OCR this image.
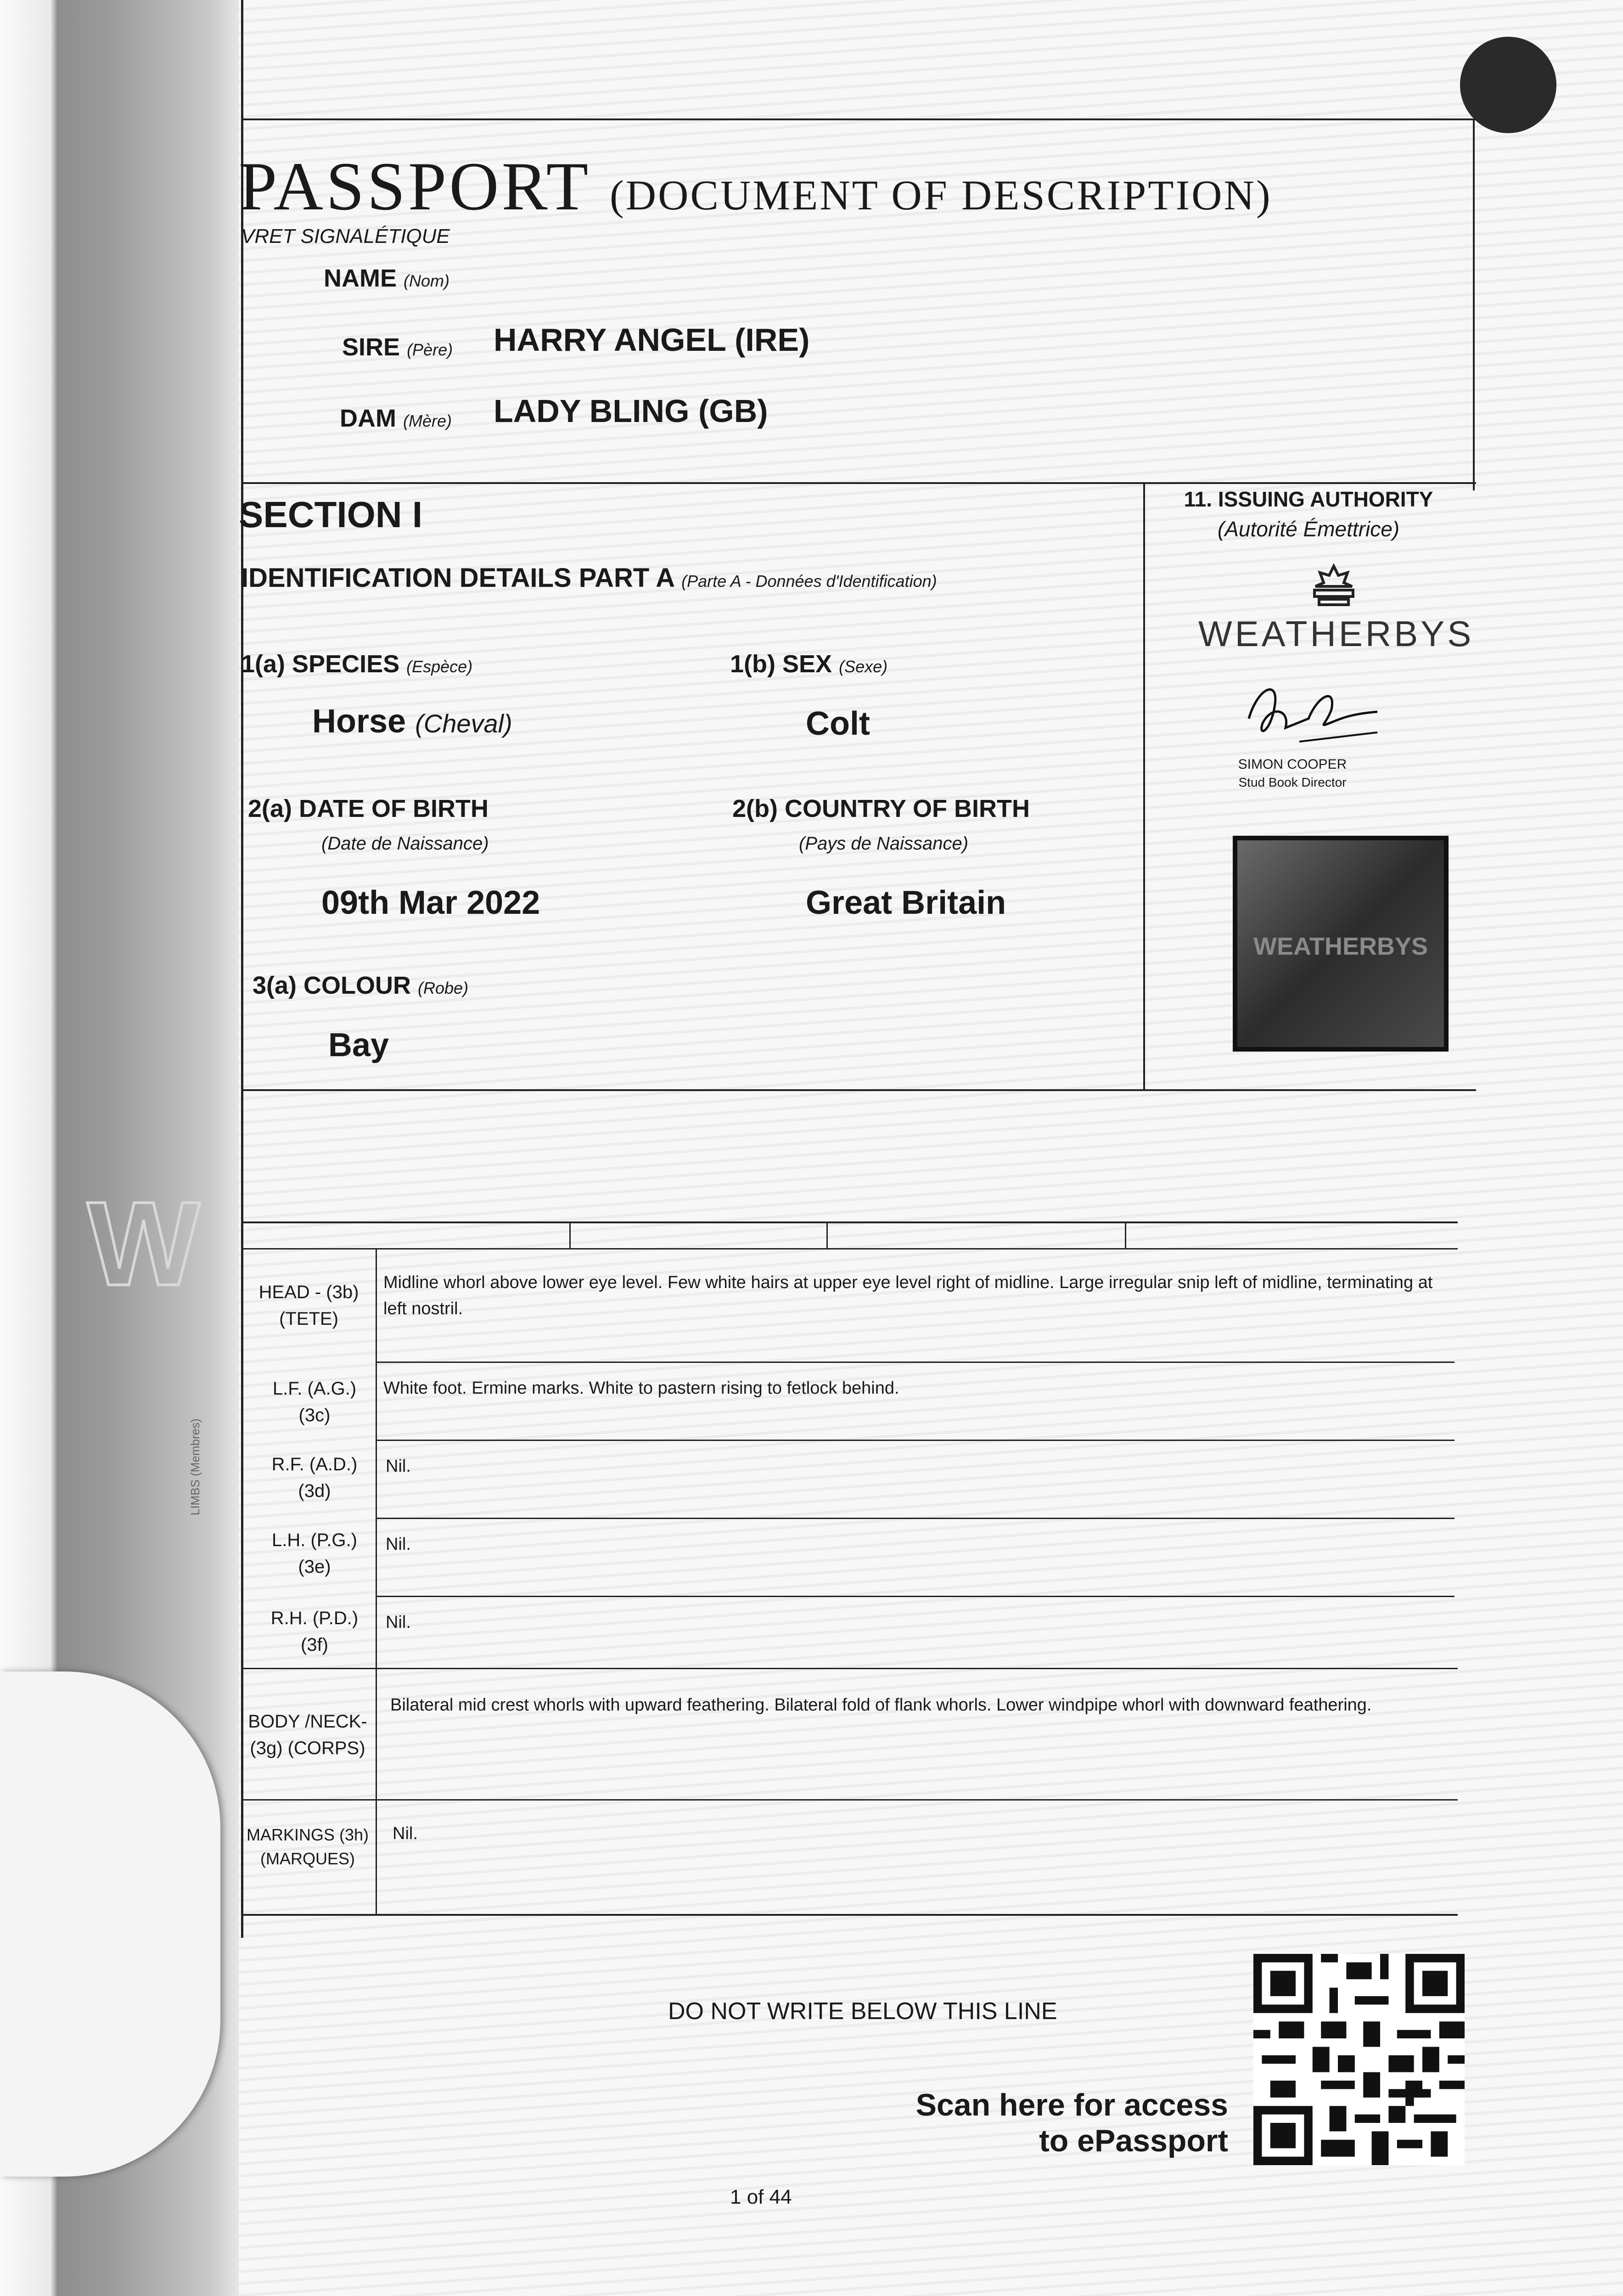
W
PASSPORT (DOCUMENT OF DESCRIPTION)
VRET SIGNALÉTIQUE
NAME (Nom)
SIRE (Père) HARRY ANGEL (IRE)
DAM (Mère) LADY BLING (GB)
SECTION I
IDENTIFICATION DETAILS PART A (Parte A - Données d'Identification)
1(a) SPECIES (Espèce)
Horse (Cheval)
1(b) SEX (Sexe)
Colt
2(a) DATE OF BIRTH
(Date de Naissance)
09th Mar 2022
2(b) COUNTRY OF BIRTH
(Pays de Naissance)
Great Britain
3(a) COLOUR (Robe)
Bay
11. ISSUING AUTHORITY
(Autorité Émettrice)
WEATHERBYS
SIMON COOPER
Stud Book Director
WEATHERBYS
HEAD - (3b) (TETE)
Midline whorl above lower eye level. Few white hairs at upper eye level right of midline. Large irregular snip left of midline, terminating at left nostril.
L.F. (A.G.) (3c)
White foot. Ermine marks. White to pastern rising to fetlock behind.
R.F. (A.D.) (3d)
Nil.
L.H. (P.G.) (3e)
Nil.
R.H. (P.D.) (3f)
Nil.
BODY /NECK- (3g) (CORPS)
Bilateral mid crest whorls with upward feathering. Bilateral fold of flank whorls. Lower windpipe whorl with downward feathering.
MARKINGS (3h) (MARQUES)
Nil.
LIMBS (Membres)
DO NOT WRITE BELOW THIS LINE
Scan here for access
to ePassport
1 of 44
